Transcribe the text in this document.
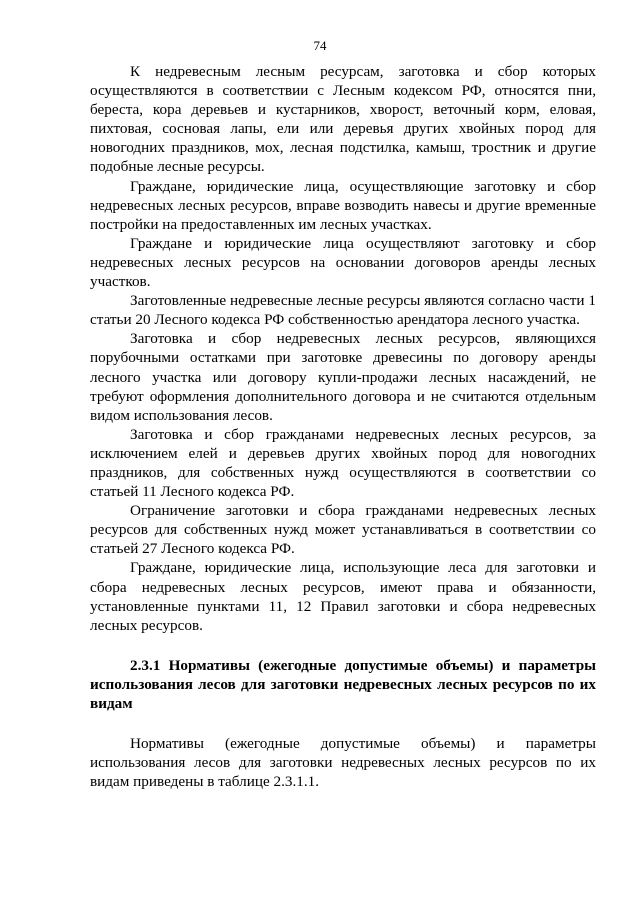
74

К недревесным лесным ресурсам, заготовка и сбор которых осуществляются в соответствии с Лесным кодексом РФ, относятся пни, береста, кора деревьев и кустарников, хворост, веточный корм, еловая, пихтовая, сосновая лапы, ели или деревья других хвойных пород для новогодних праздников, мох, лесная подстилка, камыш, тростник и другие подобные лесные ресурсы.

Граждане, юридические лица, осуществляющие заготовку и сбор недревесных лесных ресурсов, вправе возводить навесы и другие временные постройки на предоставленных им лесных участках.

Граждане и юридические лица осуществляют заготовку и сбор недревесных лесных ресурсов на основании договоров аренды лесных участков.

Заготовленные недревесные лесные ресурсы являются согласно части 1 статьи 20 Лесного кодекса РФ собственностью арендатора лесного участка.

Заготовка и сбор недревесных лесных ресурсов, являющихся порубочными остатками при заготовке древесины по договору аренды лесного участка или договору купли-продажи лесных насаждений, не требуют оформления дополнительного договора и не считаются отдельным видом использования лесов.

Заготовка и сбор гражданами недревесных лесных ресурсов, за исключением елей и деревьев других хвойных пород для новогодних праздников, для собственных нужд осуществляются в соответствии со статьей 11 Лесного кодекса РФ.

Ограничение заготовки и сбора гражданами недревесных лесных ресурсов для собственных нужд может устанавливаться в соответствии со статьей 27 Лесного кодекса РФ.

Граждане, юридические лица, использующие леса для заготовки и сбора недревесных лесных ресурсов, имеют права и обязанности, установленные пунктами 11, 12 Правил заготовки и сбора недревесных лесных ресурсов.

2.3.1 Нормативы (ежегодные допустимые объемы) и параметры использования лесов для заготовки недревесных лесных ресурсов по их видам

Нормативы (ежегодные допустимые объемы) и параметры использования лесов для заготовки недревесных лесных ресурсов по их видам приведены в таблице 2.3.1.1.
